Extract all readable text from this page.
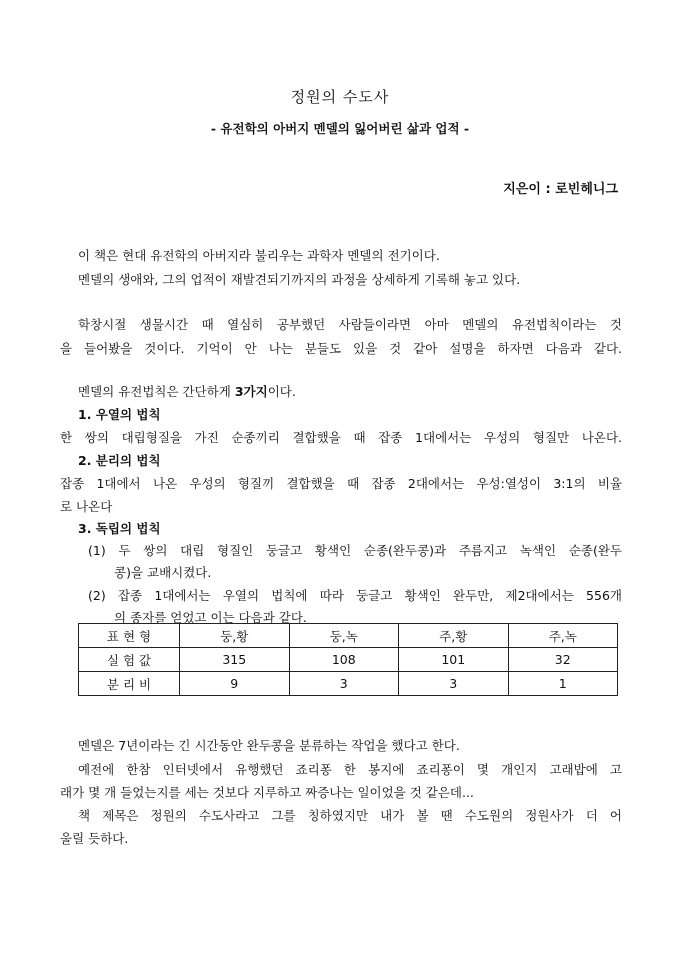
정원의 수도사
- 유전학의 아버지 멘델의 잃어버린 삶과 업적 -
지은이 : 로빈헤니그
이 책은 현대 유전학의 아버지라 불리우는 과학자 멘델의 전기이다.
멘델의 생애와, 그의 업적이 재발견되기까지의 과정을 상세하게 기록해 놓고 있다.
학창시절 생물시간 때 열심히 공부했던 사람들이라면 아마 멘델의 유전법칙이라는 것
을 들어봤을 것이다. 기억이 안 나는 분들도 있을 것 같아 설명을 하자면 다음과 같다.
멘델의 유전법칙은 간단하게 3가지이다.
1. 우열의 법칙
한 쌍의 대립형질을 가진 순종끼리 결합했을 때 잡종 1대에서는 우성의 형질만 나온다.
2. 분리의 법칙
잡종 1대에서 나온 우성의 형질끼 결합했을 때 잡종 2대에서는 우성:열성이 3:1의 비율
로 나온다
3. 독립의 법칙
(1) 두 쌍의 대립 형질인 둥글고 황색인 순종(완두콩)과 주름지고 녹색인 순종(완두
콩)을 교배시켰다.
(2) 잡종 1대에서는 우열의 법칙에 따라 둥글고 황색인 완두만, 제2대에서는 556개
의 종자를 얻었고 이는 다음과 같다.
표 현 형	둥,황	둥,녹	주,황	주,녹
실 험 값	315	108	101	32
분 리 비	9	3	3	1
멘델은 7년이라는 긴 시간동안 완두콩을 분류하는 작업을 했다고 한다.
예전에 한참 인터넷에서 유행했던 죠리퐁 한 봉지에 죠리퐁이 몇 개인지 고래밥에 고
래가 몇 개 들었는지를 세는 것보다 지루하고 짜증나는 일이었을 것 같은데...
책 제목은 정원의 수도사라고 그를 칭하였지만 내가 볼 땐 수도원의 정원사가 더 어
울릴 듯하다.
